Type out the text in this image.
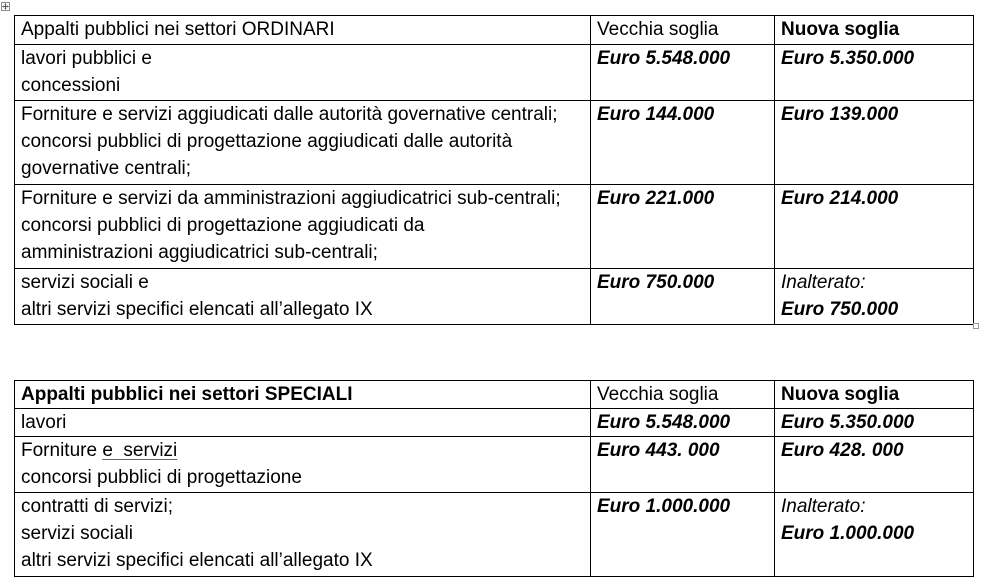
Appalti pubblici nei settori ORDINARI	Vecchia soglia	Nuova soglia

lavori pubblici e
concessioni	Euro 5.548.000	Euro 5.350.000

Forniture e servizi aggiudicati dalle autorità governative centrali;
concorsi pubblici di progettazione aggiudicati dalle autorità
governative centrali;	Euro 144.000	Euro 139.000

Forniture e servizi da amministrazioni aggiudicatrici sub-centrali;
concorsi pubblici di progettazione aggiudicati da
amministrazioni aggiudicatrici sub-centrali;	Euro 221.000	Euro 214.000

servizi sociali e
altri servizi specifici elencati all’allegato IX	Euro 750.000	Inalterato:
Euro 750.000
Appalti pubblici nei settori SPECIALI	Vecchia soglia	Nuova soglia

lavori	Euro 5.548.000	Euro 5.350.000

Forniture e  servizi
concorsi pubblici di progettazione	Euro 443. 000	Euro 428. 000

contratti di servizi;
servizi sociali
altri servizi specifici elencati all’allegato IX	Euro 1.000.000	Inalterato:
Euro 1.000.000
